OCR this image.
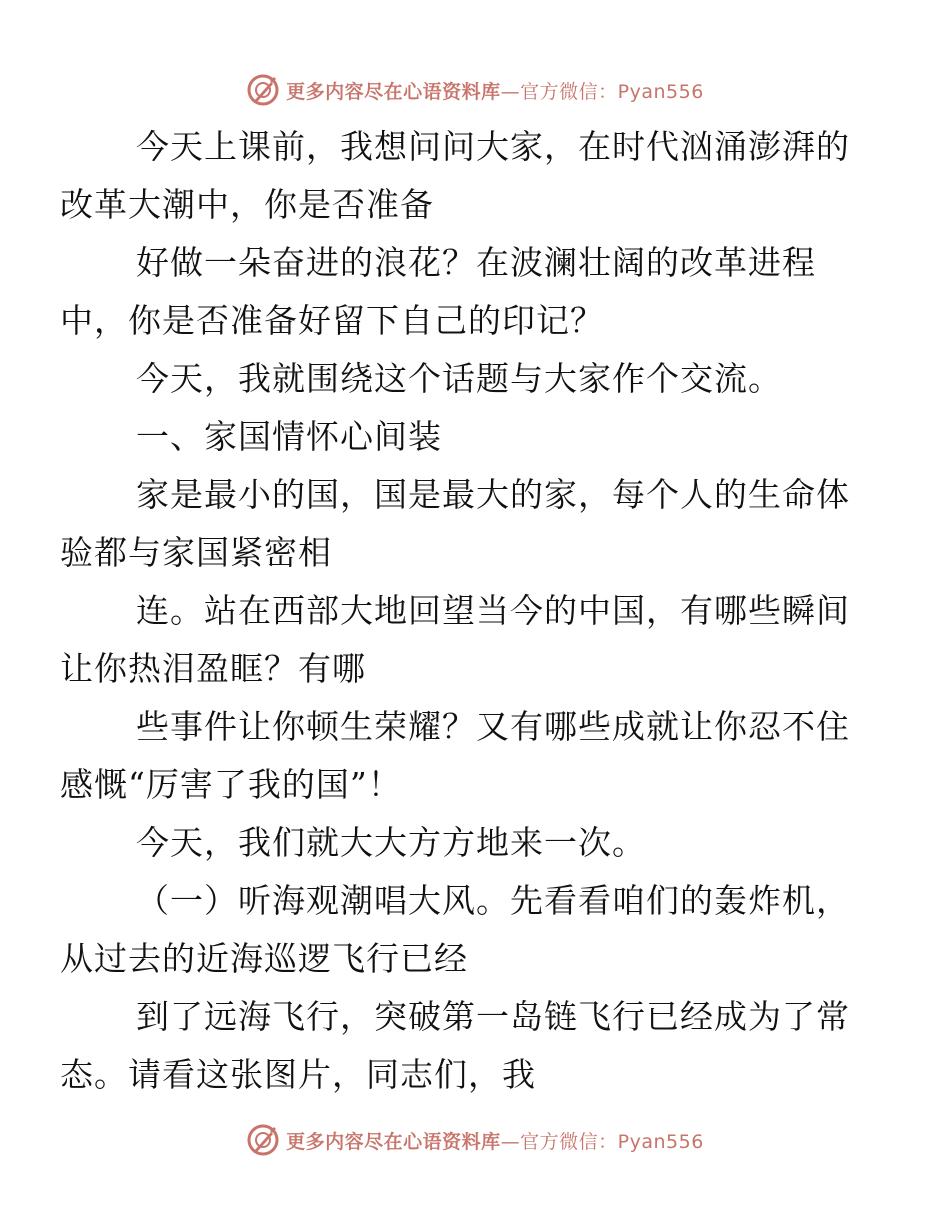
更多内容尽在心语资料库—官方微信：Pyan556

今天上课前，我想问问大家，在时代汹涌澎湃的
改革大潮中，你是否准备

好做一朵奋进的浪花？在波澜壮阔的改革进程
中，你是否准备好留下自己的印记？

今天，我就围绕这个话题与大家作个交流。

一、家国情怀心间装

家是最小的国，国是最大的家，每个人的生命体
验都与家国紧密相

连。站在西部大地回望当今的中国，有哪些瞬间
让你热泪盈眶？有哪

些事件让你顿生荣耀？又有哪些成就让你忍不住
感慨“厉害了我的国”！

今天，我们就大大方方地来一次。

（一）听海观潮唱大风。先看看咱们的轰炸机，
从过去的近海巡逻飞行已经

到了远海飞行，突破第一岛链飞行已经成为了常
态。请看这张图片，同志们，我

更多内容尽在心语资料库—官方微信：Pyan556
